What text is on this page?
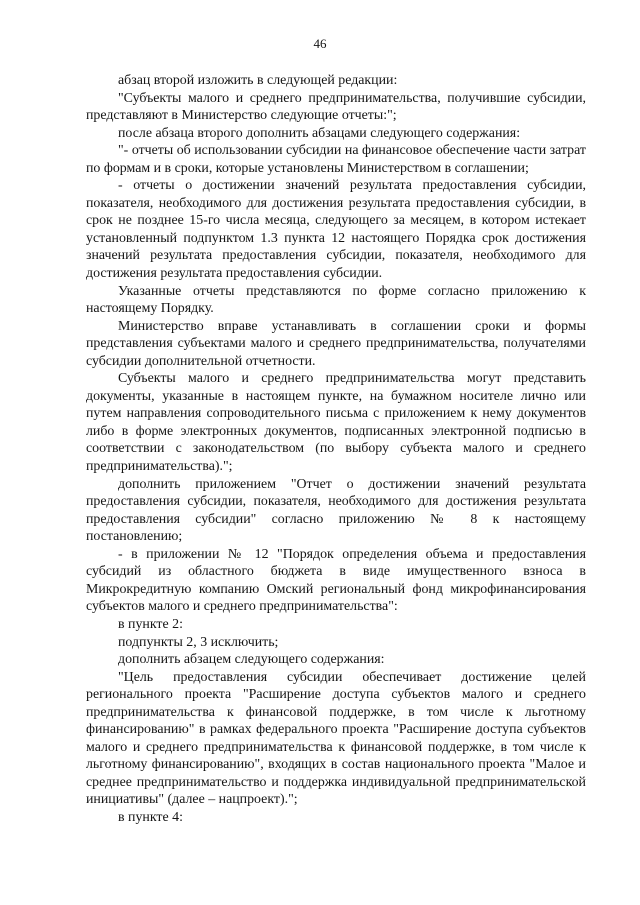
46

абзац второй изложить в следующей редакции:

"Субъекты малого и среднего предпринимательства, получившие субсидии, представляют в Министерство следующие отчеты:";

после абзаца второго дополнить абзацами следующего содержания:

"- отчеты об использовании субсидии на финансовое обеспечение части затрат по формам и в сроки, которые установлены Министерством в соглашении;

- отчеты о достижении значений результата предоставления субсидии, показателя, необходимого для достижения результата предоставления субсидии, в срок не позднее 15-го числа месяца, следующего за месяцем, в котором истекает установленный подпунктом 1.3 пункта 12 настоящего Порядка срок достижения значений результата предоставления субсидии, показателя, необходимого для достижения результата предоставления субсидии.

Указанные отчеты представляются по форме согласно приложению к настоящему Порядку.

Министерство вправе устанавливать в соглашении сроки и формы представления субъектами малого и среднего предпринимательства, получателями субсидии дополнительной отчетности.

Субъекты малого и среднего предпринимательства могут представить документы, указанные в настоящем пункте, на бумажном носителе лично или путем направления сопроводительного письма с приложением к нему документов либо в форме электронных документов, подписанных электронной подписью в соответствии с законодательством (по выбору субъекта малого и среднего предпринимательства).";

дополнить приложением "Отчет о достижении значений результата предоставления субсидии, показателя, необходимого для достижения результата предоставления субсидии" согласно приложению № 8 к настоящему постановлению;

- в приложении № 12 "Порядок определения объема и предоставления субсидий из областного бюджета в виде имущественного взноса в Микрокредитную компанию Омский региональный фонд микрофинансирования субъектов малого и среднего предпринимательства":

в пункте 2:

подпункты 2, 3 исключить;

дополнить абзацем следующего содержания:

"Цель предоставления субсидии обеспечивает достижение целей регионального проекта "Расширение доступа субъектов малого и среднего предпринимательства к финансовой поддержке, в том числе к льготному финансированию" в рамках федерального проекта "Расширение доступа субъектов малого и среднего предпринимательства к финансовой поддержке, в том числе к льготному финансированию", входящих в состав национального проекта "Малое и среднее предпринимательство и поддержка индивидуальной предпринимательской инициативы" (далее – нацпроект).";

в пункте 4:
